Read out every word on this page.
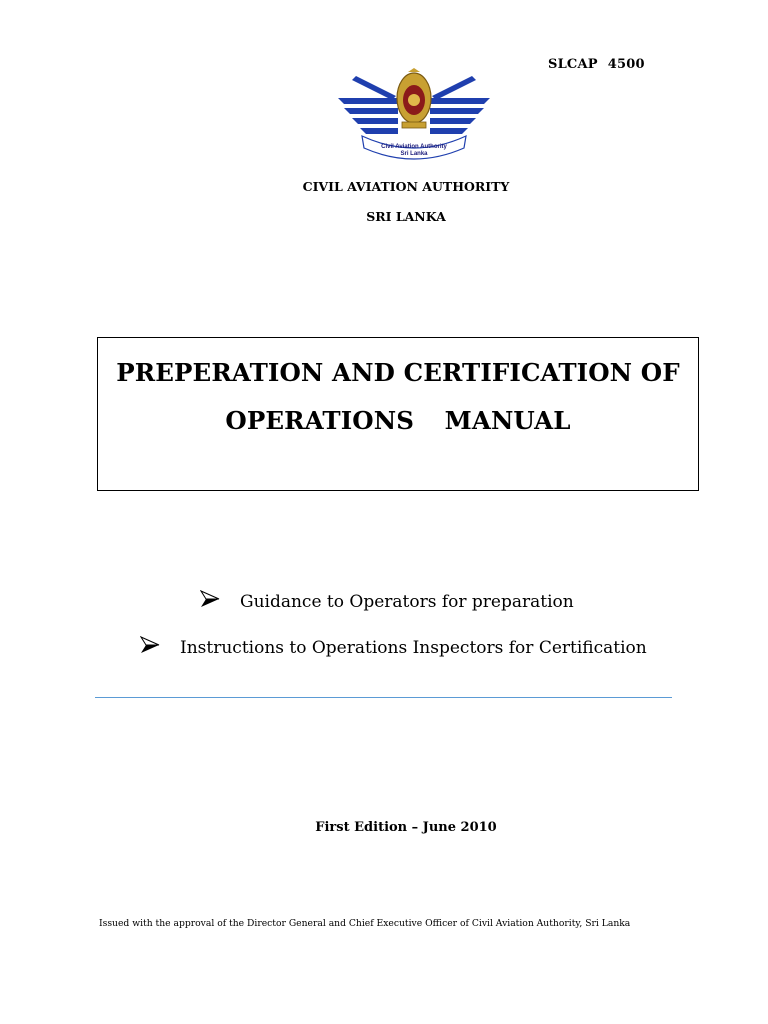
SLCAP 4500
Civil Aviation Authority
Sri Lanka
CIVIL AVIATION AUTHORITY
SRI LANKA
PREPERATION AND CERTIFICATION OF
OPERATIONS MANUAL
Guidance to Operators for preparation
Instructions to Operations Inspectors for Certification
First Edition – June 2010
Issued with the approval of the Director General and Chief Executive Officer of Civil Aviation Authority, Sri Lanka
